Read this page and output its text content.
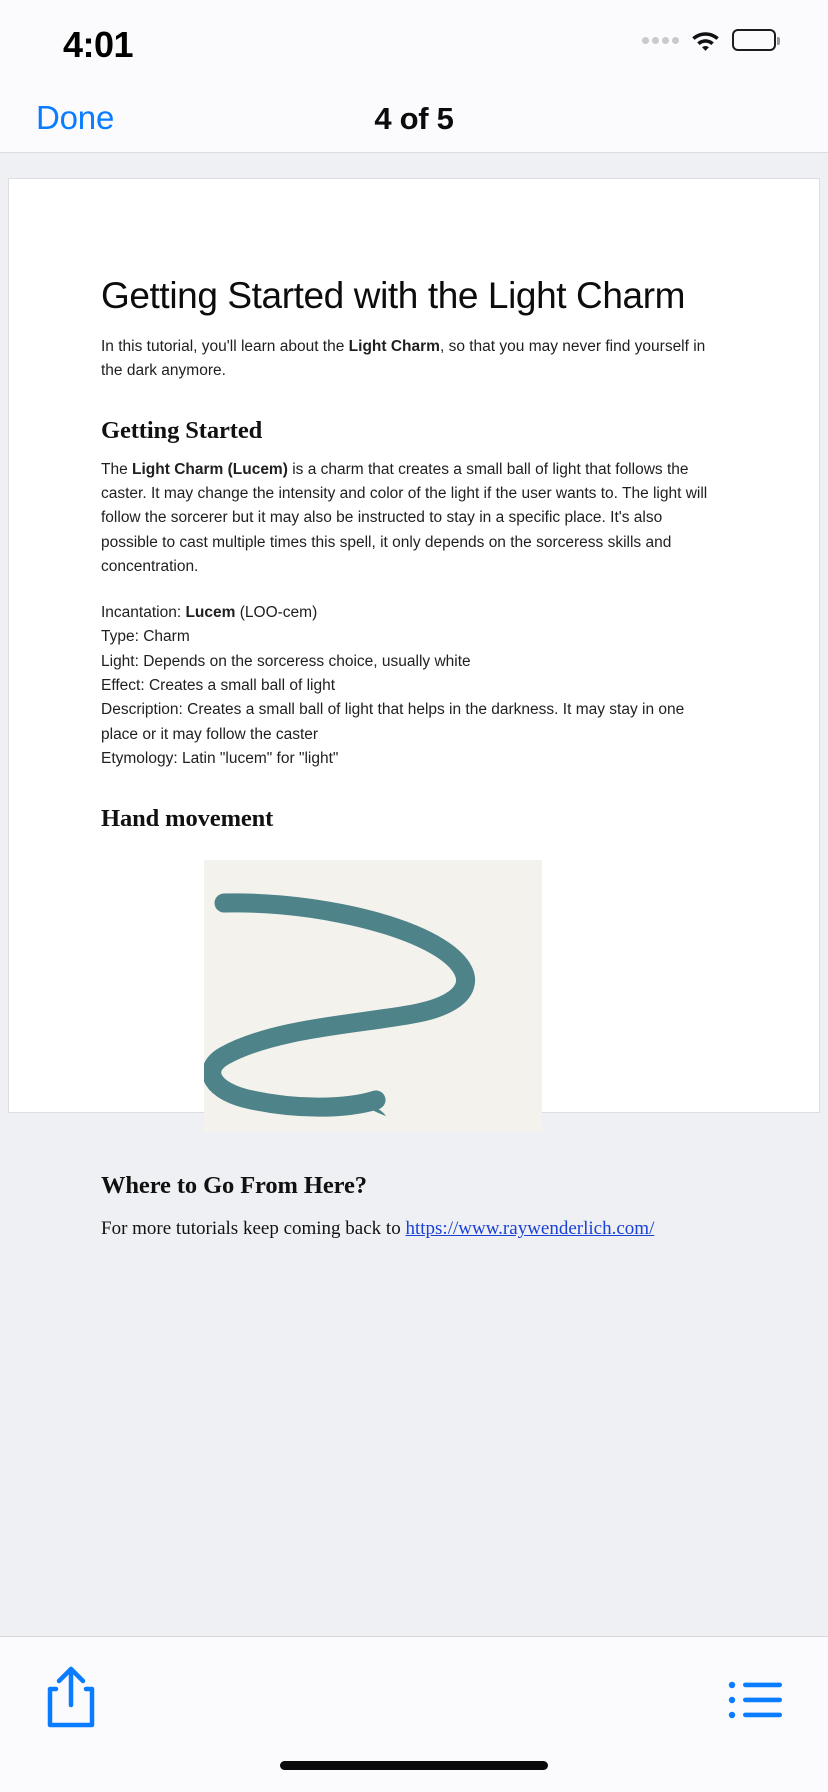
4:01
Done	4 of 5
Getting Started with the Light Charm
In this tutorial, you'll learn about the Light Charm, so that you may never find yourself in the dark anymore.
Getting Started
The Light Charm (Lucem) is a charm that creates a small ball of light that follows the caster. It may change the intensity and color of the light if the user wants to. The light will follow the sorcerer but it may also be instructed to stay in a specific place. It's also possible to cast multiple times this spell, it only depends on the sorceress skills and concentration.
Incantation: Lucem (LOO-cem)
Type: Charm
Light: Depends on the sorceress choice, usually white
Effect: Creates a small ball of light
Description: Creates a small ball of light that helps in the darkness. It may stay in one place or it may follow the caster
Etymology: Latin "lucem" for "light"
Hand movement
Where to Go From Here?
For more tutorials keep coming back to https://www.raywenderlich.com/
